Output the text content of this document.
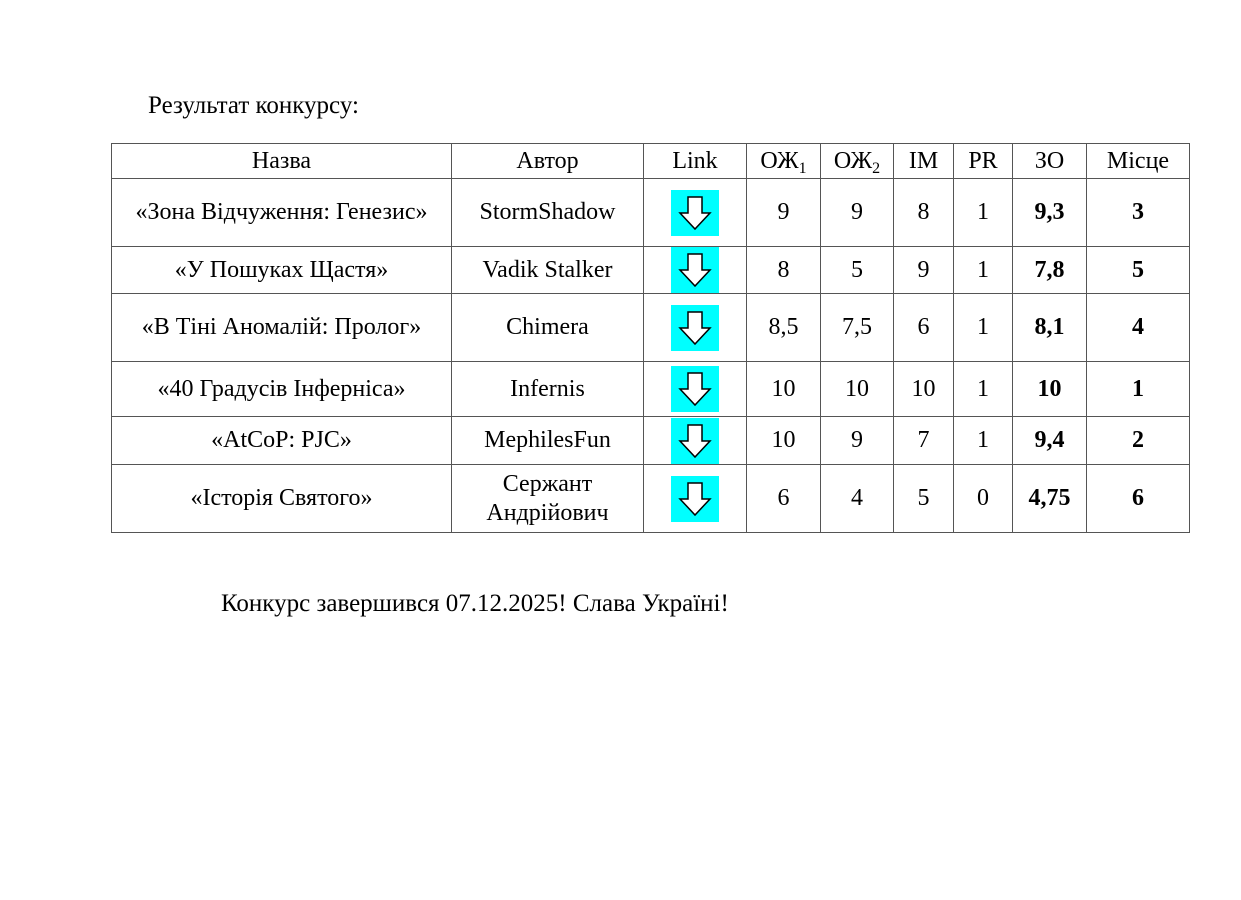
Результат конкурсу:
Назва	Автор	Link	$ОЖ_1$	$ОЖ_2$	ІМ	PR	ЗО	Місце
«Зона Відчуження: Генезис»	StormShadow		9	9	8	1	9,3	3
«У Пошуках Щастя»	Vadik Stalker		8	5	9	1	7,8	5
«В Тіні Аномалій: Пролог»	Chimera		8,5	7,5	6	1	8,1	4
«40 Градусів Інферніса»	Infernis		10	10	10	1	10	1
«AtCoP: PJC»	MephilesFun		10	9	7	1	9,4	2
«Історія Святого»	Сержант Андрійович		6	4	5	0	4,75	6
Конкурс завершився 07.12.2025! Слава Україні!
